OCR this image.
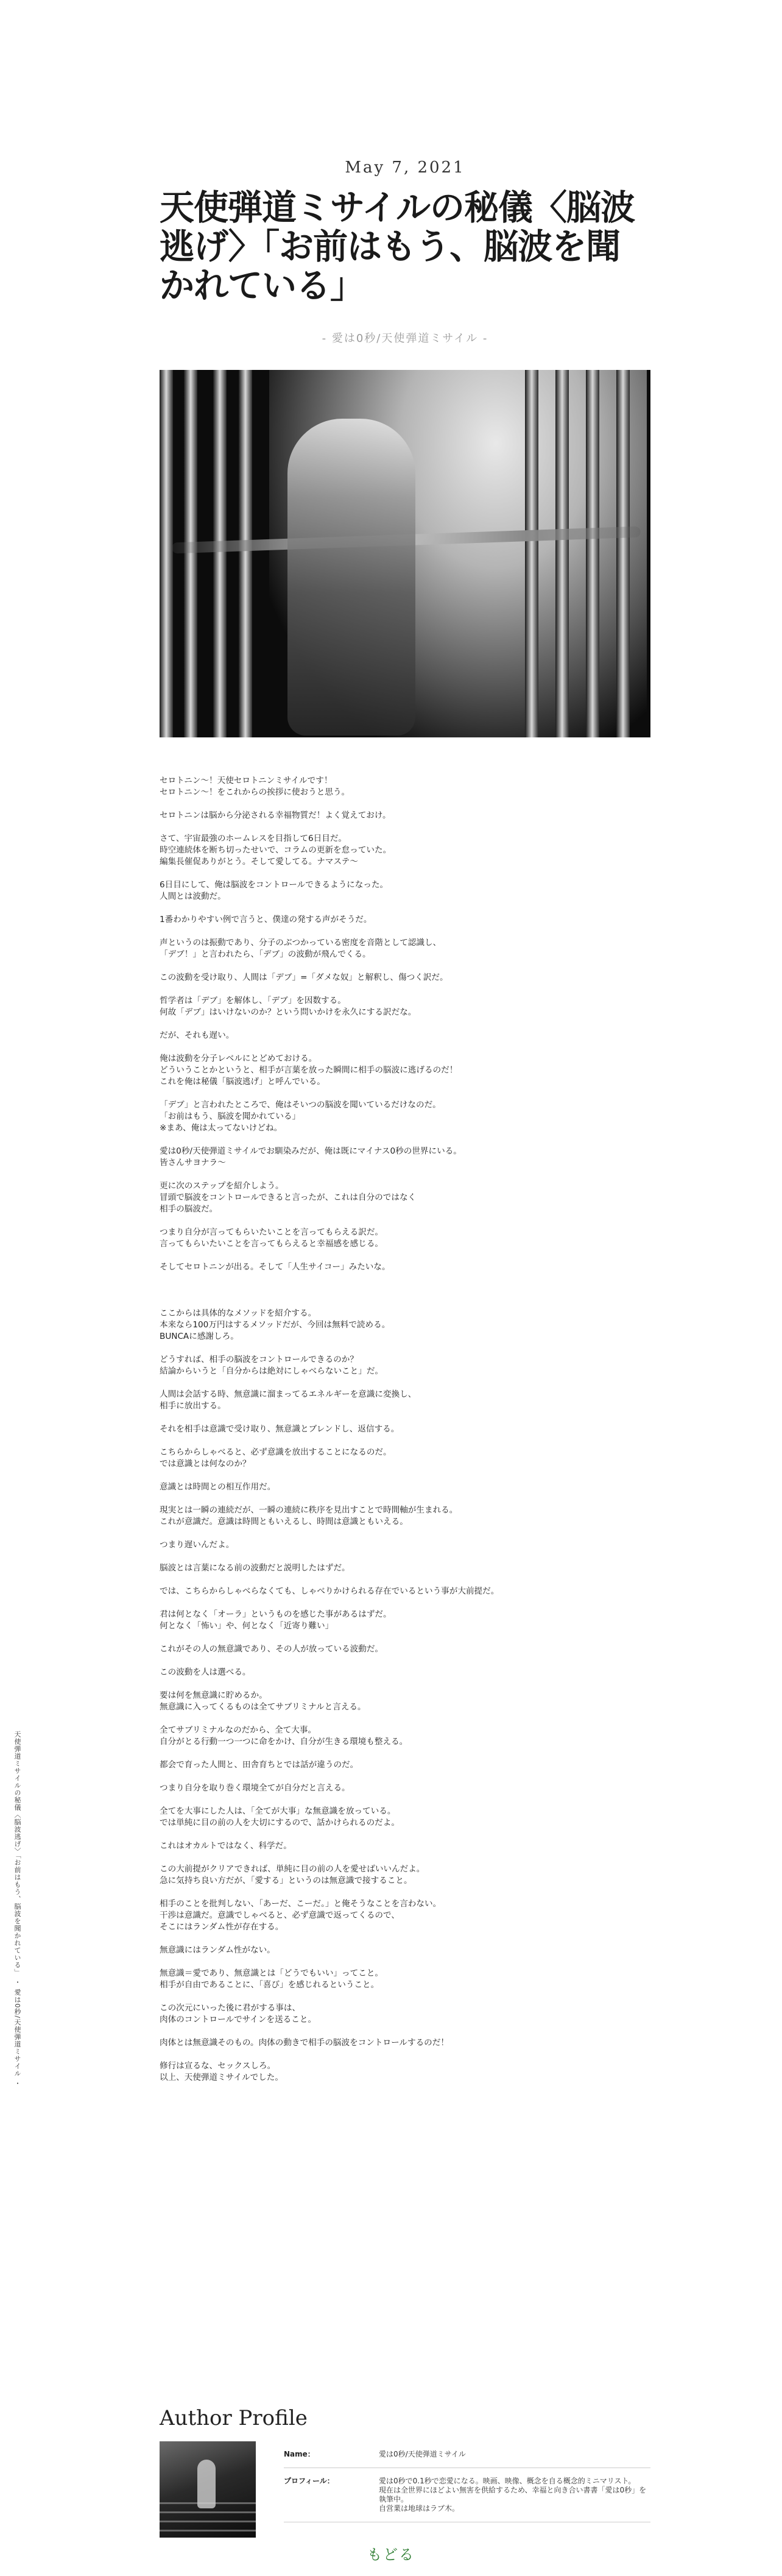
天使弾道ミサイルの秘儀〈脳波逃げ〉「お前はもう、脳波を聞かれている」 ・ 愛は0秒/天使弾道ミサイル ・
May 7, 2021
天使弾道ミサイルの秘儀〈脳波逃げ〉「お前はもう、脳波を聞かれている」
- 愛は0秒/天使弾道ミサイル -

セロトニン〜！天使セロトニンミサイルです！
セロトニン〜！をこれからの挨拶に使おうと思う。

セロトニンは脳から分泌される幸福物質だ！よく覚えておけ。

さて、宇宙最強のホームレスを目指して6日目だ。
時空連続体を断ち切ったせいで、コラムの更新を怠っていた。
編集長催促ありがとう。そして愛してる。ナマステ〜

6日目にして、俺は脳波をコントロールできるようになった。
人間とは波動だ。

1番わかりやすい例で言うと、僕達の発する声がそうだ。

声というのは振動であり、分子のぶつかっている密度を音階として認識し、
「デブ！」と言われたら、「デブ」の波動が飛んでくる。

この波動を受け取り、人間は「デブ」=「ダメな奴」と解釈し、傷つく訳だ。

哲学者は「デブ」を解体し、「デブ」を因数する。
何故「デブ」はいけないのか？という問いかけを永久にする訳だな。

だが、それも遅い。

俺は波動を分子レベルにとどめておける。
どういうことかというと、相手が言葉を放った瞬間に相手の脳波に逃げるのだ！
これを俺は秘儀「脳波逃げ」と呼んでいる。

「デブ」と言われたところで、俺はそいつの脳波を聞いているだけなのだ。
「お前はもう、脳波を聞かれている」
※まあ、俺は太ってないけどね。

愛は0秒/天使弾道ミサイルでお馴染みだが、俺は既にマイナス0秒の世界にいる。
皆さんサヨナラ〜

更に次のステップを紹介しよう。
冒頭で脳波をコントロールできると言ったが、これは自分のではなく
相手の脳波だ。

つまり自分が言ってもらいたいことを言ってもらえる訳だ。
言ってもらいたいことを言ってもらえると幸福感を感じる。

そしてセロトニンが出る。そして「人生サイコー」みたいな。

ここからは具体的なメソッドを紹介する。
本来なら100万円はするメソッドだが、今回は無料で読める。
BUNCAに感謝しろ。

どうすれば、相手の脳波をコントロールできるのか？
結論からいうと「自分からは絶対にしゃべらないこと」だ。

人間は会話する時、無意識に溜まってるエネルギーを意識に変換し、
相手に放出する。

それを相手は意識で受け取り、無意識とブレンドし、返信する。

こちらからしゃべると、必ず意識を放出することになるのだ。
では意識とは何なのか？

意識とは時間との相互作用だ。

現実とは一瞬の連続だが、一瞬の連続に秩序を見出すことで時間軸が生まれる。
これが意識だ。意識は時間ともいえるし、時間は意識ともいえる。

つまり遅いんだよ。

脳波とは言葉になる前の波動だと説明したはずだ。

では、こちらからしゃべらなくても、しゃべりかけられる存在でいるという事が大前提だ。

君は何となく「オーラ」というものを感じた事があるはずだ。
何となく「怖い」や、何となく「近寄り難い」

これがその人の無意識であり、その人が放っている波動だ。

この波動を人は選べる。

要は何を無意識に貯めるか。
無意識に入ってくるものは全てサブリミナルと言える。

全てサブリミナルなのだから、全て大事。
自分がとる行動一つ一つに命をかけ、自分が生きる環境も整える。

都会で育った人間と、田舎育ちとでは話が違うのだ。

つまり自分を取り巻く環境全てが自分だと言える。

全てを大事にした人は、「全てが大事」な無意識を放っている。
では単純に目の前の人を大切にするので、話かけられるのだよ。

これはオカルトではなく、科学だ。

この大前提がクリアできれば、単純に目の前の人を愛せばいいんだよ。
急に気持ち良い方だが、「愛する」というのは無意識で接すること。

相手のことを批判しない、「あーだ、こーだ。」と俺そうなことを言わない。
干渉は意識だ。意識でしゃべると、必ず意識で返ってくるので、
そこにはランダム性が存在する。

無意識にはランダム性がない。

無意識＝愛であり、無意識とは「どうでもいい」ってこと。
相手が自由であることに、「喜び」を感じれるということ。

この次元にいった後に君がする事は、
肉体のコントロールでサインを送ること。

肉体とは無意識そのもの。肉体の動きで相手の脳波をコントロールするのだ！

修行は宣るな、セックスしろ。
以上、天使弾道ミサイルでした。

Author Profile
Name：	愛は0秒/天使弾道ミサイル
プロフィール：	愛は0秒で0.1秒で恋愛になる。映画、映像、概念を自る概念的ミニマリスト。
現在は全世界にほどよい無害を供給するため、幸福と向き合い書書「愛は0秒」を執筆中。
自営業は地球はラブ木。
もどる
